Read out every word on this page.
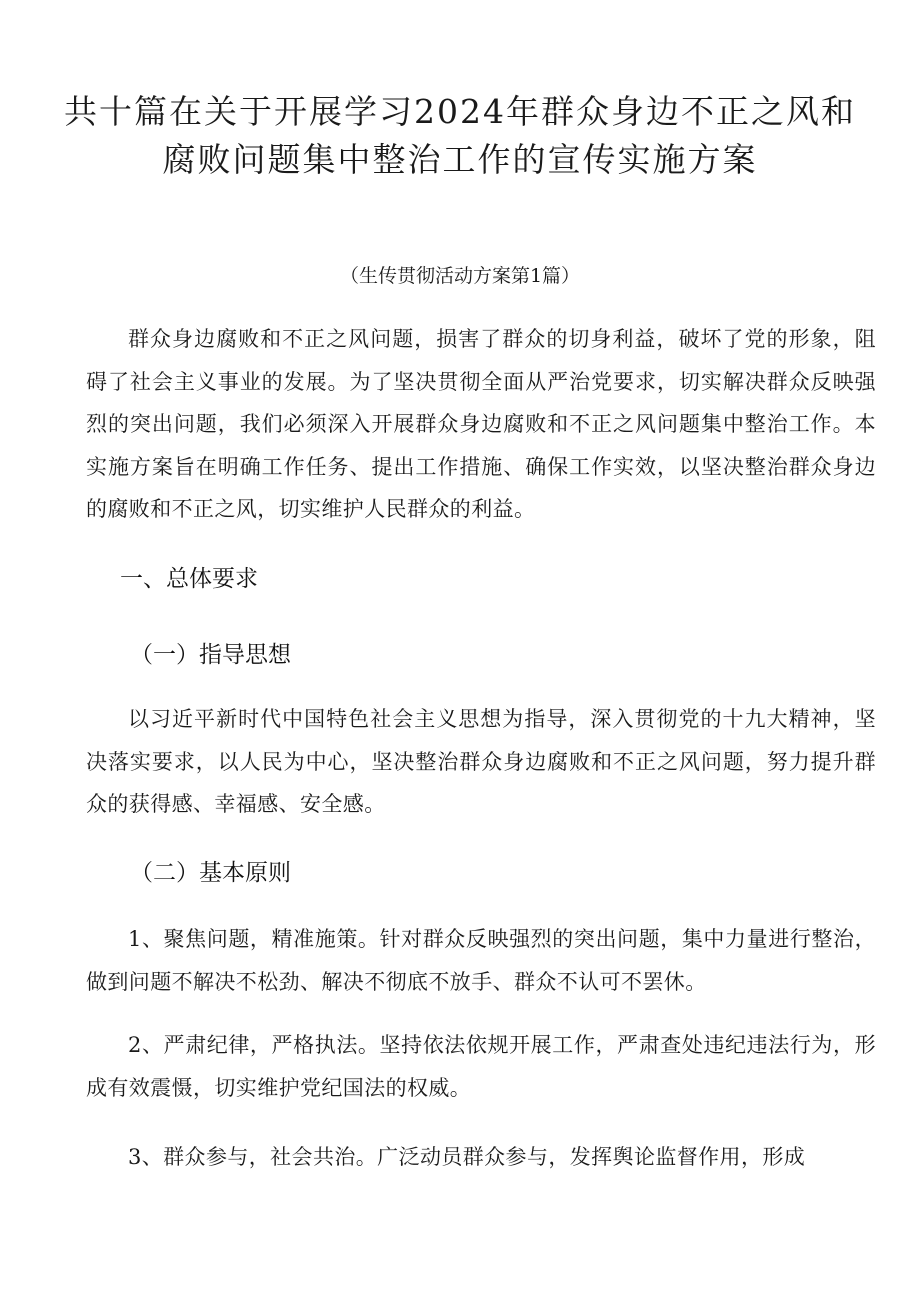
共十篇在关于开展学习2024年群众身边不正之风和
腐败问题集中整治工作的宣传实施方案
（生传贯彻活动方案第1篇）

群众身边腐败和不正之风问题，损害了群众的切身利益，破坏了党的形象，阻碍了社会主义事业的发展。为了坚决贯彻全面从严治党要求，切实解决群众反映强烈的突出问题，我们必须深入开展群众身边腐败和不正之风问题集中整治工作。本实施方案旨在明确工作任务、提出工作措施、确保工作实效，以坚决整治群众身边的腐败和不正之风，切实维护人民群众的利益。

一、总体要求
（一）指导思想

以习近平新时代中国特色社会主义思想为指导，深入贯彻党的十九大精神，坚决落实要求，以人民为中心，坚决整治群众身边腐败和不正之风问题，努力提升群众的获得感、幸福感、安全感。

（二）基本原则

1、聚焦问题，精准施策。针对群众反映强烈的突出问题，集中力量进行整治，做到问题不解决不松劲、解决不彻底不放手、群众不认可不罢休。

2、严肃纪律，严格执法。坚持依法依规开展工作，严肃查处违纪违法行为，形成有效震慑，切实维护党纪国法的权威。

3、群众参与，社会共治。广泛动员群众参与，发挥舆论监督作用，形成
